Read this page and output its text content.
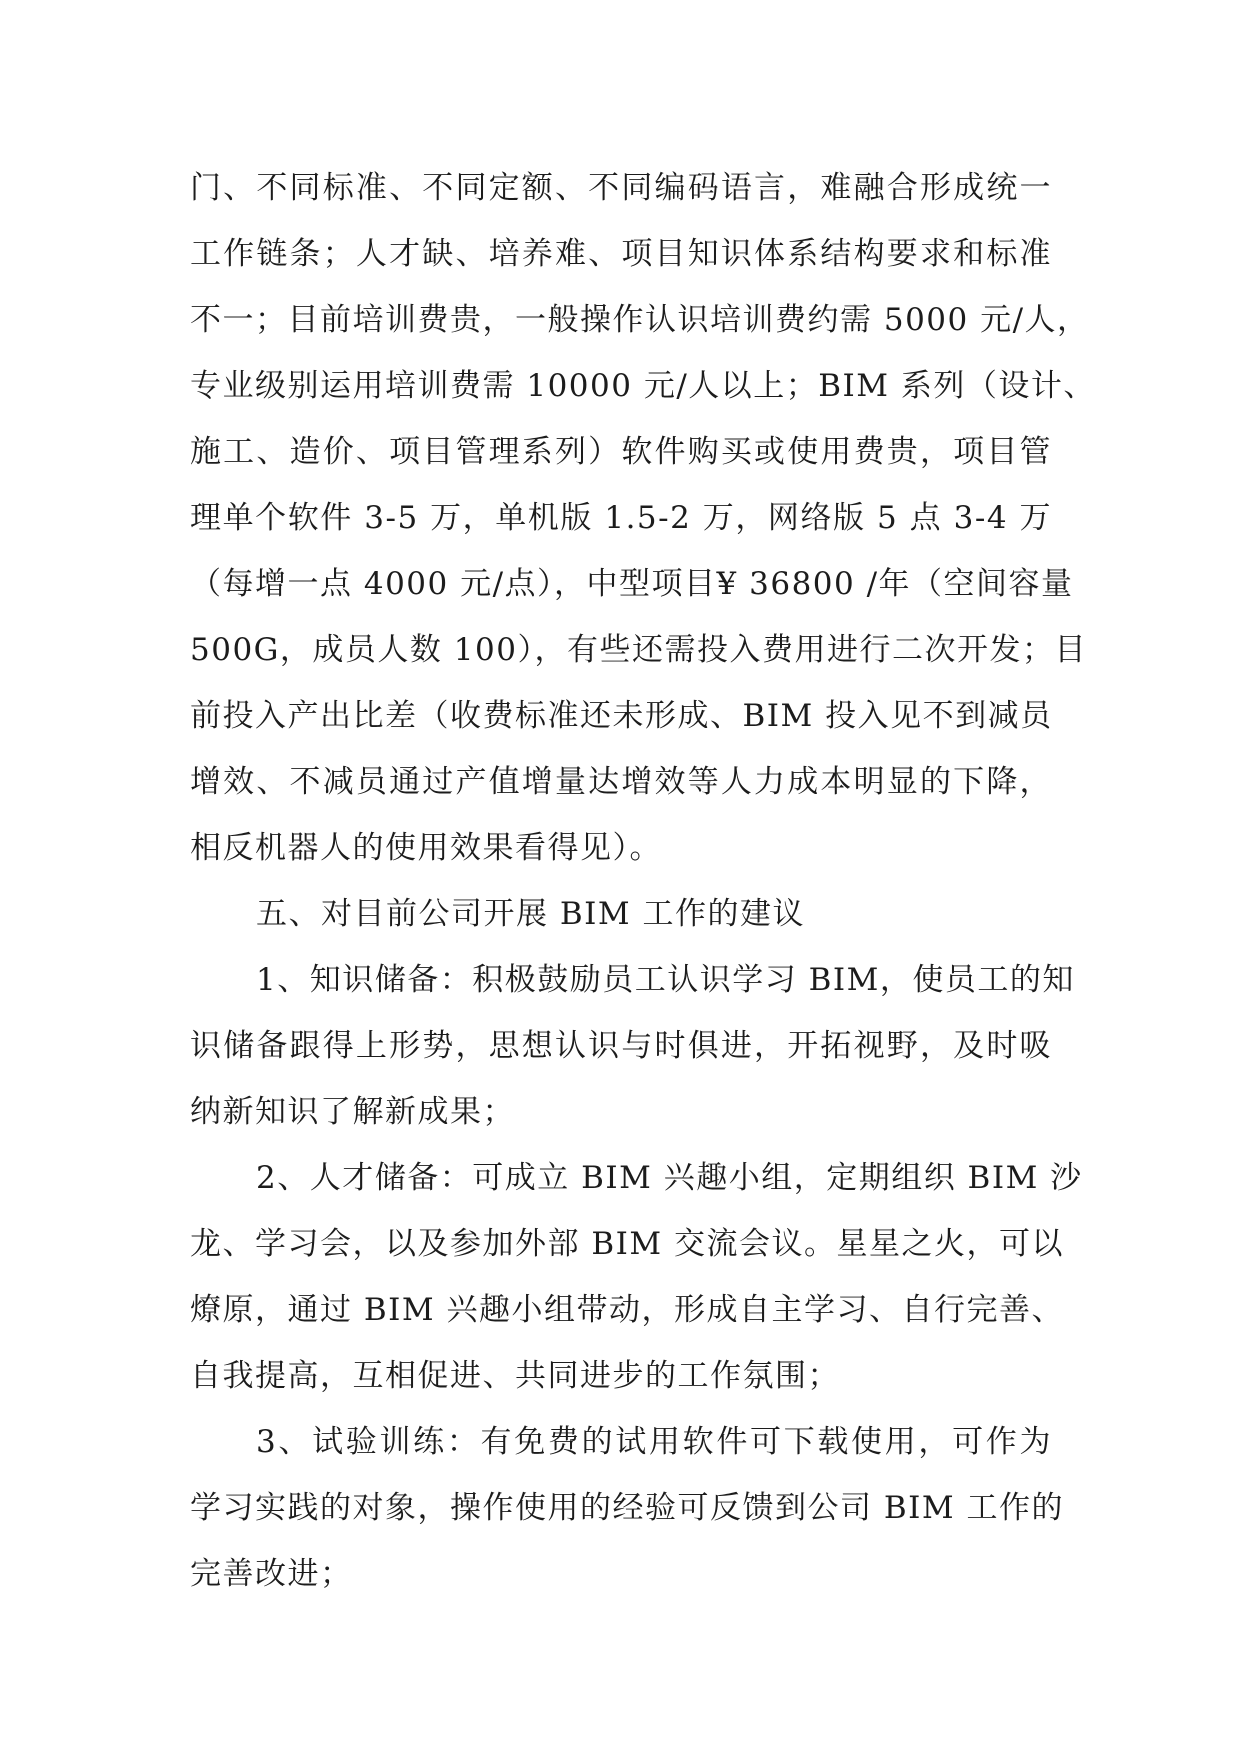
门、不同标准、不同定额、不同编码语言，难融合形成统一
工作链条；人才缺、培养难、项目知识体系结构要求和标准
不一；目前培训费贵，一般操作认识培训费约需 5000 元/人，
专业级别运用培训费需 10000 元/人以上；BIM 系列（设计、
施工、造价、项目管理系列）软件购买或使用费贵，项目管
理单个软件 3-5 万，单机版 1.5-2 万，网络版 5 点 3-4 万
（每增一点 4000 元/点），中型项目¥ 36800 /年（空间容量
500G，成员人数 100），有些还需投入费用进行二次开发；目
前投入产出比差（收费标准还未形成、BIM 投入见不到减员
增效、不减员通过产值增量达增效等人力成本明显的下降，
相反机器人的使用效果看得见）。

五、对目前公司开展 BIM 工作的建议

1、知识储备：积极鼓励员工认识学习 BIM，使员工的知
识储备跟得上形势，思想认识与时俱进，开拓视野，及时吸
纳新知识了解新成果；

2、人才储备：可成立 BIM 兴趣小组，定期组织 BIM 沙
龙、学习会，以及参加外部 BIM 交流会议。星星之火，可以
燎原，通过 BIM 兴趣小组带动，形成自主学习、自行完善、
自我提高，互相促进、共同进步的工作氛围；

3、试验训练：有免费的试用软件可下载使用，可作为
学习实践的对象，操作使用的经验可反馈到公司 BIM 工作的
完善改进；
